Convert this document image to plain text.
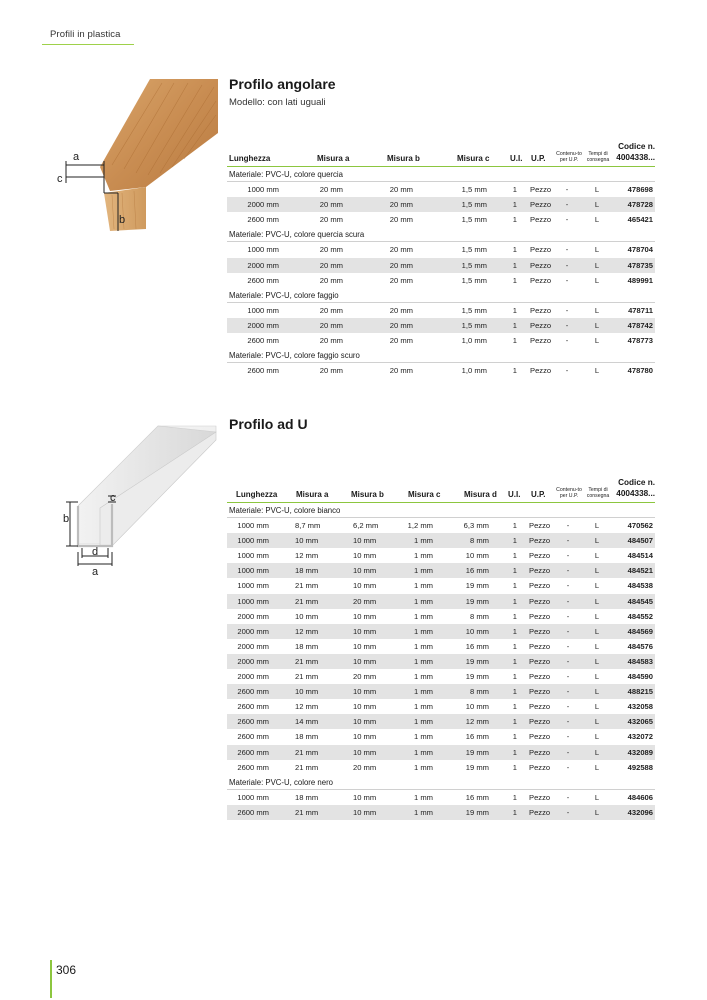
Profili in plastica
a
c
b
Profilo angolare
Modello: con lati uguali
Lunghezza	Misura a	Misura b	Misura c	U.I. U.P.	Contenu-to per U.P.
Tempi di consegna
Codice n.
4004338...
Materiale: PVC-U, colore quercia
1000 mm	20 mm	20 mm	1,5 mm	1 Pezzo	-	L	478698
2000 mm	20 mm	20 mm	1,5 mm	1 Pezzo	-	L	478728
2600 mm	20 mm	20 mm	1,5 mm	1 Pezzo	-	L	465421
Materiale: PVC-U, colore quercia scura
1000 mm	20 mm	20 mm	1,5 mm	1 Pezzo	-	L	478704
2000 mm	20 mm	20 mm	1,5 mm	1 Pezzo	-	L	478735
2600 mm	20 mm	20 mm	1,5 mm	1 Pezzo	-	L	489991
Materiale: PVC-U, colore faggio
1000 mm	20 mm	20 mm	1,5 mm	1 Pezzo	-	L	478711
2000 mm	20 mm	20 mm	1,5 mm	1 Pezzo	-	L	478742
2600 mm	20 mm	20 mm	1,0 mm	1 Pezzo	-	L	478773
Materiale: PVC-U, colore faggio scuro
2600 mm	20 mm	20 mm	1,0 mm	1 Pezzo	-	L	478780
c
b
d
a
Profilo ad U
Lunghezza Misura a	Misura b	Misura c	Misura d U.I. U.P.	Contenu-to per U.P.
Tempi di consegna
Codice n.
4004338...
Materiale: PVC-U, colore bianco
1000 mm	8,7 mm	6,2 mm	1,2 mm	6,3 mm	1 Pezzo	-	L	470562
1000 mm	10 mm	10 mm	1 mm	8 mm	1 Pezzo	-	L	484507
1000 mm	12 mm	10 mm	1 mm	10 mm	1 Pezzo	-	L	484514
1000 mm	18 mm	10 mm	1 mm	16 mm	1 Pezzo	-	L	484521
1000 mm	21 mm	10 mm	1 mm	19 mm	1 Pezzo	-	L	484538
1000 mm	21 mm	20 mm	1 mm	19 mm	1 Pezzo	-	L	484545
2000 mm	10 mm	10 mm	1 mm	8 mm	1 Pezzo	-	L	484552
2000 mm	12 mm	10 mm	1 mm	10 mm	1 Pezzo	-	L	484569
2000 mm	18 mm	10 mm	1 mm	16 mm	1 Pezzo	-	L	484576
2000 mm	21 mm	10 mm	1 mm	19 mm	1 Pezzo	-	L	484583
2000 mm	21 mm	20 mm	1 mm	19 mm	1 Pezzo	-	L	484590
2600 mm	10 mm	10 mm	1 mm	8 mm	1 Pezzo	-	L	488215
2600 mm	12 mm	10 mm	1 mm	10 mm	1 Pezzo	-	L	432058
2600 mm	14 mm	10 mm	1 mm	12 mm	1 Pezzo	-	L	432065
2600 mm	18 mm	10 mm	1 mm	16 mm	1 Pezzo	-	L	432072
2600 mm	21 mm	10 mm	1 mm	19 mm	1 Pezzo	-	L	432089
2600 mm	21 mm	20 mm	1 mm	19 mm	1 Pezzo	-	L	492588
Materiale: PVC-U, colore nero
1000 mm	18 mm	10 mm	1 mm	16 mm	1 Pezzo	-	L	484606
2600 mm	21 mm	10 mm	1 mm	19 mm	1 Pezzo	-	L	432096
306
